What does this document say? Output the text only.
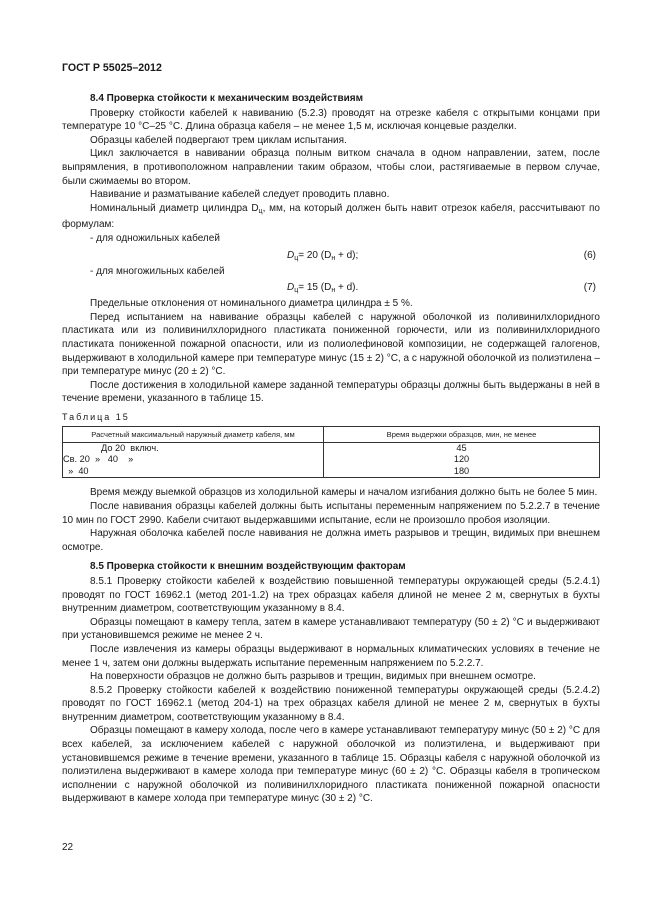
ГОСТ Р 55025–2012
8.4 Проверка стойкости к механическим воздействиям

Проверку стойкости кабелей к навиванию (5.2.3) проводят на отрезке кабеля с открытыми концами при температуре 10 °С–25 °С. Длина образца кабеля – не менее 1,5 м, исключая концевые разделки.

Образцы кабелей подвергают трем циклам испытания.

Цикл заключается в навивании образца полным витком сначала в одном направлении, затем, после выпрямления, в противоположном направлении таким образом, чтобы слои, растягиваемые в первом случае, были сжимаемы во втором.

Навивание и разматывание кабелей следует проводить плавно.

Номинальный диаметр цилиндра $D_ц$, мм, на который должен быть навит отрезок кабеля, рассчитывают по формулам:

- для одножильных кабелей
$D_ц= 20$ $(D_н + d)$;	(6)
- для многожильных кабелей
$D_ц= 15$ $(D_н + d)$.	(7)

Предельные отклонения от номинального диаметра цилиндра ± 5 %.

Перед испытанием на навивание образцы кабелей с наружной оболочкой из поливинилхлоридного пластиката или из поливинилхлоридного пластиката пониженной горючести, или из поливинилхлоридного пластиката пониженной пожарной опасности, или из полиолефиновой композиции, не содержащей галогенов, выдерживают в холодильной камере при температуре минус (15 ± 2) °С, а с наружной оболочкой из полиэтилена – при температуре минус (20 ± 2) °С.

После достижения в холодильной камере заданной температуры образцы должны быть выдержаны в ней в течение времени, указанного в таблице 15.

Таблица 15
Расчетный максимальный наружный диаметр кабеля, мм	Время выдержки образцов, мин, не менее
До 20  включ.	45
Св. 20  »   40    »	120
»  40	180

Время между выемкой образцов из холодильной камеры и началом изгибания должно быть не более 5 мин.

После навивания образцы кабелей должны быть испытаны переменным напряжением по 5.2.2.7 в течение 10 мин по ГОСТ 2990. Кабели считают выдержавшими испытание, если не произошло пробоя изоляции.

Наружная оболочка кабелей после навивания не должна иметь разрывов и трещин, видимых при внешнем осмотре.

8.5 Проверка стойкости к внешним воздействующим факторам

8.5.1 Проверку стойкости кабелей к воздействию повышенной температуры окружающей среды (5.2.4.1) проводят по ГОСТ 16962.1 (метод 201-1.2) на трех образцах кабеля длиной не менее 2 м, свернутых в бухты внутренним диаметром, соответствующим указанному в 8.4.

Образцы помещают в камеру тепла, затем в камере устанавливают температуру (50 ± 2) °С и выдерживают при установившемся режиме не менее 2 ч.

После извлечения из камеры образцы выдерживают в нормальных климатических условиях в течение не менее 1 ч, затем они должны выдержать испытание переменным напряжением по 5.2.2.7.

На поверхности образцов не должно быть разрывов и трещин, видимых при внешнем осмотре.

8.5.2 Проверку стойкости кабелей к воздействию пониженной температуры окружающей среды (5.2.4.2) проводят по ГОСТ 16962.1 (метод 204-1) на трех образцах кабеля длиной не менее 2 м, свернутых в бухты внутренним диаметром, соответствующим указанному в 8.4.

Образцы помещают в камеру холода, после чего в камере устанавливают температуру минус (50 ± 2) °С для всех кабелей, за исключением кабелей с наружной оболочкой из полиэтилена, и выдерживают при установившемся режиме в течение времени, указанного в таблице 15. Образцы кабеля с наружной оболочкой из полиэтилена выдерживают в камере холода при температуре минус (60 ± 2) °С. Образцы кабеля в тропическом исполнении с наружной оболочкой из поливинилхлоридного пластиката пониженной пожарной опасности выдерживают в камере холода при температуре минус (30 ± 2) °С.

22
